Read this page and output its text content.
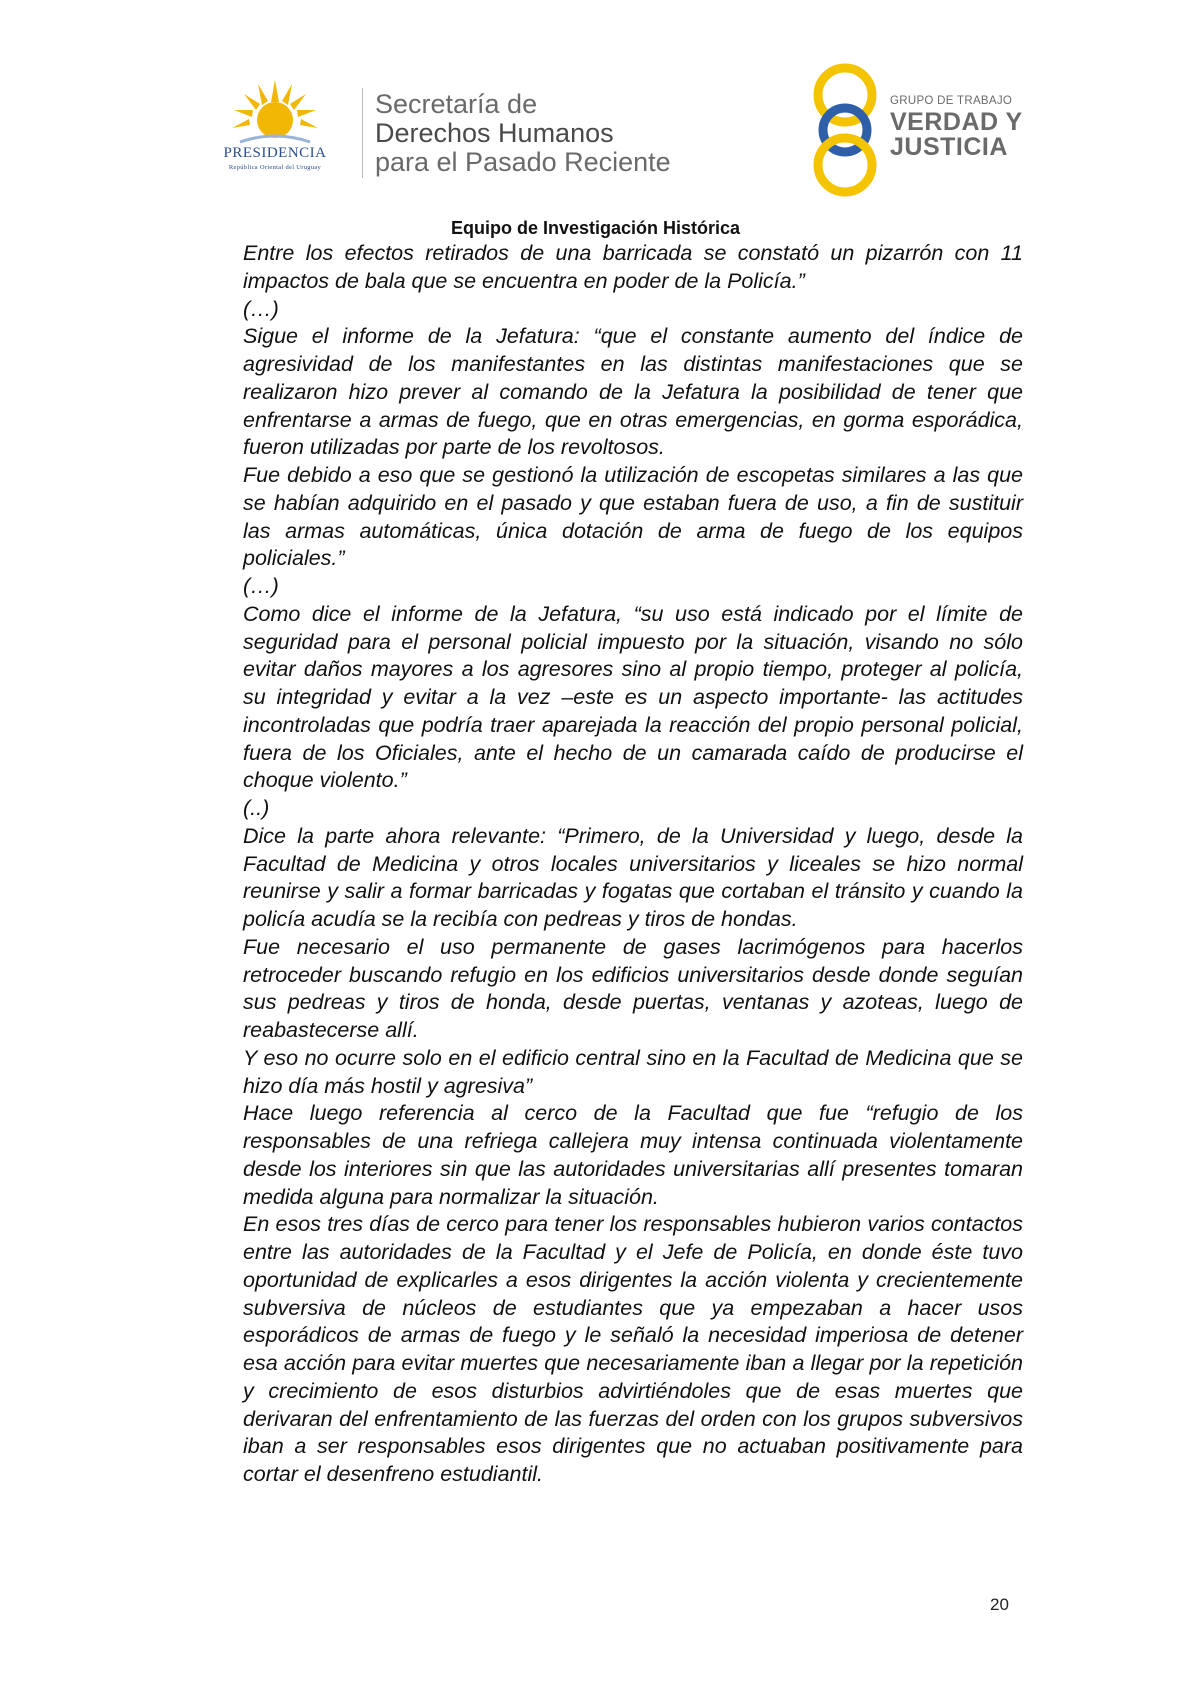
PRESIDENCIA
República Oriental del Uruguay
Secretaría de
Derechos Humanos
para el Pasado Reciente
GRUPO DE TRABAJO
VERDAD Y
JUSTICIA
Equipo de Investigación Histórica

Entre los efectos retirados de una barricada se constató un pizarrón con 11 impactos de bala que se encuentra en poder de la Policía.”

(…)

Sigue el informe de la Jefatura: “que el constante aumento del índice de agresividad de los manifestantes en las distintas manifestaciones que se realizaron hizo prever al comando de la Jefatura la posibilidad de tener que enfrentarse a armas de fuego, que en otras emergencias, en gorma esporádica, fueron utilizadas por parte de los revoltosos.

Fue debido a eso que se gestionó la utilización de escopetas similares a las que se habían adquirido en el pasado y que estaban fuera de uso, a fin de sustituir las armas automáticas, única dotación de arma de fuego de los equipos policiales.”

(…)

Como dice el informe de la Jefatura, “su uso está indicado por el límite de seguridad para el personal policial impuesto por la situación, visando no sólo evitar daños mayores a los agresores sino al propio tiempo, proteger al policía, su integridad y evitar a la vez –este es un aspecto importante- las actitudes incontroladas que podría traer aparejada la reacción del propio personal policial, fuera de los Oficiales, ante el hecho de un camarada caído de producirse el choque violento.”

(..)

Dice la parte ahora relevante: “Primero, de la Universidad y luego, desde la Facultad de Medicina y otros locales universitarios y liceales se hizo normal reunirse y salir a formar barricadas y fogatas que cortaban el tránsito y cuando la policía acudía se la recibía con pedreas y tiros de hondas.

Fue necesario el uso permanente de gases lacrimógenos para hacerlos retroceder buscando refugio en los edificios universitarios desde donde seguían sus pedreas y tiros de honda, desde puertas, ventanas y azoteas, luego de reabastecerse allí.

Y eso no ocurre solo en el edificio central sino en la Facultad de Medicina que se hizo día más hostil y agresiva”

Hace luego referencia al cerco de la Facultad que fue “refugio de los responsables de una refriega callejera muy intensa continuada violentamente desde los interiores sin que las autoridades universitarias allí presentes tomaran medida alguna para normalizar la situación.

En esos tres días de cerco para tener los responsables hubieron varios contactos entre las autoridades de la Facultad y el Jefe de Policía, en donde éste tuvo oportunidad de explicarles a esos dirigentes la acción violenta y crecientemente subversiva de núcleos de estudiantes que ya empezaban a hacer usos esporádicos de armas de fuego y le señaló la necesidad imperiosa de detener esa acción para evitar muertes que necesariamente iban a llegar por la repetición y crecimiento de esos disturbios advirtiéndoles que de esas muertes que derivaran del enfrentamiento de las fuerzas del orden con los grupos subversivos iban a ser responsables esos dirigentes que no actuaban positivamente para cortar el desenfreno estudiantil.

20
